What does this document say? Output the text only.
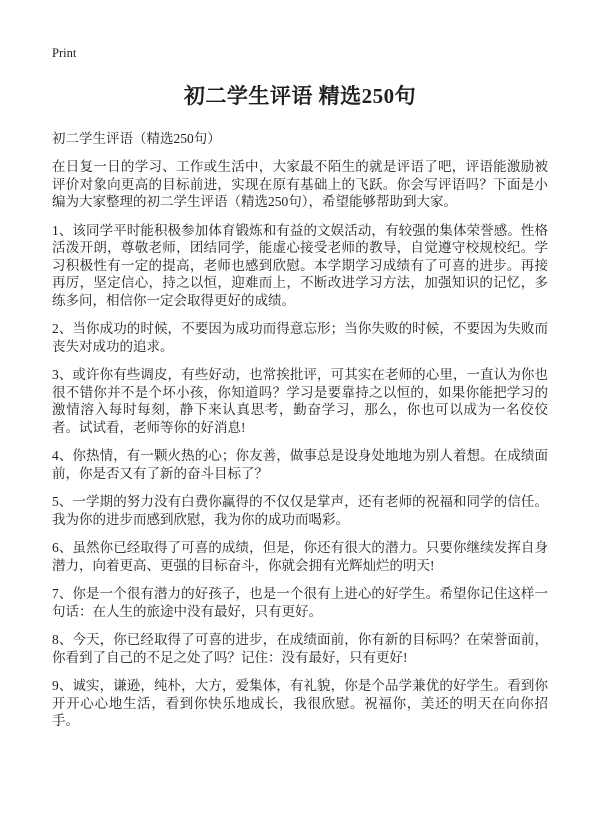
Print
初二学生评语 精选250句
初二学生评语（精选250句）

在日复一日的学习、工作或生活中，大家最不陌生的就是评语了吧，评语能激励被评价对象向更高的目标前进，实现在原有基础上的飞跃。你会写评语吗？下面是小编为大家整理的初二学生评语（精选250句），希望能够帮助到大家。

1、该同学平时能积极参加体育锻炼和有益的文娱活动，有较强的集体荣誉感。性格活泼开朗，尊敬老师，团结同学，能虚心接受老师的教导，自觉遵守校规校纪。学习积极性有一定的提高，老师也感到欣慰。本学期学习成绩有了可喜的进步。再接再厉，坚定信心，持之以恒，迎难而上，不断改进学习方法，加强知识的记忆，多练多问，相信你一定会取得更好的成绩。

2、当你成功的时候，不要因为成功而得意忘形；当你失败的时候，不要因为失败而丧失对成功的追求。

3、或许你有些调皮，有些好动，也常挨批评，可其实在老师的心里，一直认为你也很不错你并不是个坏小孩，你知道吗？学习是要靠持之以恒的，如果你能把学习的激情溶入每时每刻，静下来认真思考，勤奋学习，那么，你也可以成为一名佼佼者。试试看，老师等你的好消息!

4、你热情，有一颗火热的心；你友善，做事总是设身处地地为别人着想。在成绩面前，你是否又有了新的奋斗目标了？

5、一学期的努力没有白费你赢得的不仅仅是掌声，还有老师的祝福和同学的信任。我为你的进步而感到欣慰，我为你的成功而喝彩。

6、虽然你已经取得了可喜的成绩，但是，你还有很大的潜力。只要你继续发挥自身潜力，向着更高、更强的目标奋斗，你就会拥有光辉灿烂的明天!

7、你是一个很有潜力的好孩子，也是一个很有上进心的好学生。希望你记住这样一句话：在人生的旅途中没有最好，只有更好。

8、今天，你已经取得了可喜的进步，在成绩面前，你有新的目标吗？在荣誉面前，你看到了自己的不足之处了吗？记住：没有最好，只有更好!

9、诚实，谦逊，纯朴，大方，爱集体，有礼貌，你是个品学兼优的好学生。看到你开开心心地生活，看到你快乐地成长，我很欣慰。祝福你，美还的明天在向你招手。
